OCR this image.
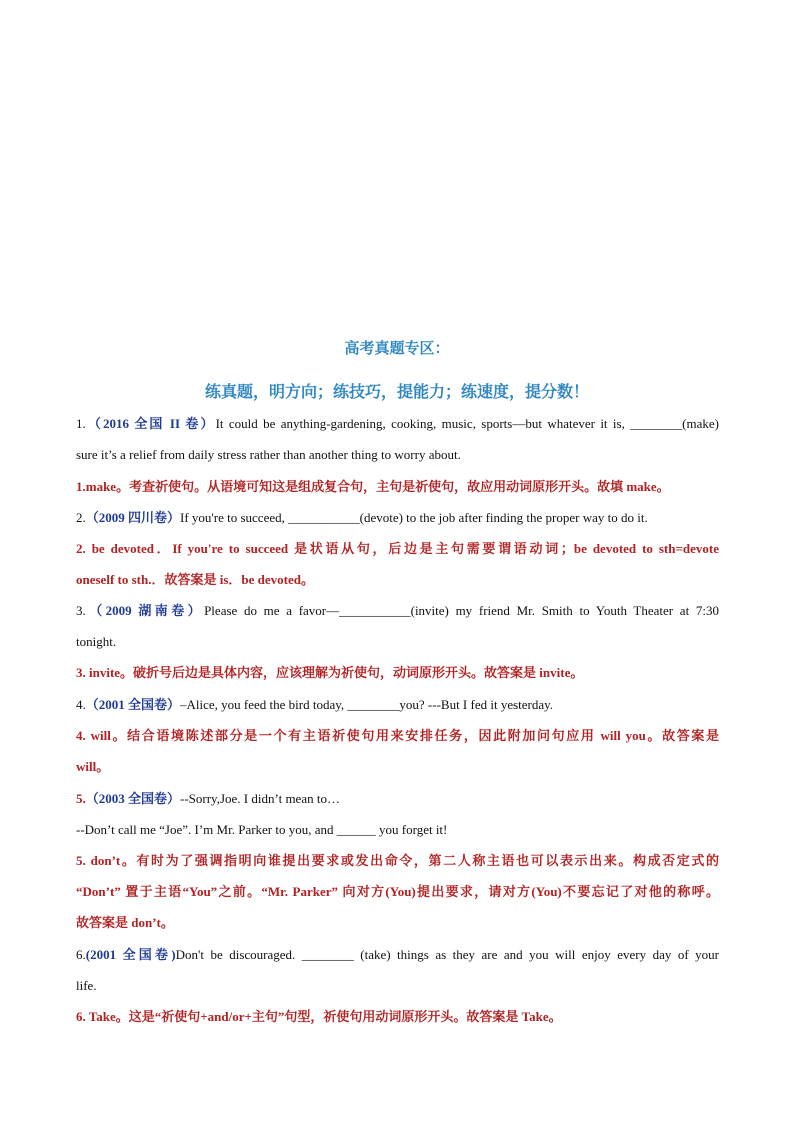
高考真题专区：
练真题，明方向；练技巧，提能力；练速度，提分数！
1.（2016 全国 II 卷）It could be anything-gardening, cooking, music, sports—but whatever it is, ________(make)
sure it’s a relief from daily stress rather than another thing to worry about.
1.make。考查祈使句。从语境可知这是组成复合句，主句是祈使句，故应用动词原形开头。故填 make。
2.（2009 四川卷）If you're to succeed, ___________(devote) to the job after finding the proper way to do it.
2. be devoted．If you're to succeed 是状语从句，后边是主句需要谓语动词；be devoted to sth=devote
oneself to sth.．故答案是 is．be devoted。
3.（2009 湖南卷）Please do me a favor—___________(invite) my friend Mr. Smith to Youth Theater at 7:30
tonight.
3. invite。破折号后边是具体内容，应该理解为祈使句，动词原形开头。故答案是 invite。
4.（2001 全国卷）–Alice, you feed the bird today, ________you? ---But I fed it yesterday.
4. will。结合语境陈述部分是一个有主语祈使句用来安排任务，因此附加问句应用 will you。故答案是
will。
5.（2003 全国卷）--Sorry,Joe. I didn’t mean to…
--Don’t call me “Joe”. I’m Mr. Parker to you, and ______ you forget it!
5. don’t。有时为了强调指明向谁提出要求或发出命令，第二人称主语也可以表示出来。构成否定式的
“Don’t” 置于主语“You”之前。“Mr. Parker” 向对方(You)提出要求，请对方(You)不要忘记了对他的称呼。
故答案是 don’t。
6.(2001 全国卷)Don't be discouraged. ________ (take) things as they are and you will enjoy every day of your
life.
6. Take。这是“祈使句+and/or+主句”句型，祈使句用动词原形开头。故答案是 Take。
